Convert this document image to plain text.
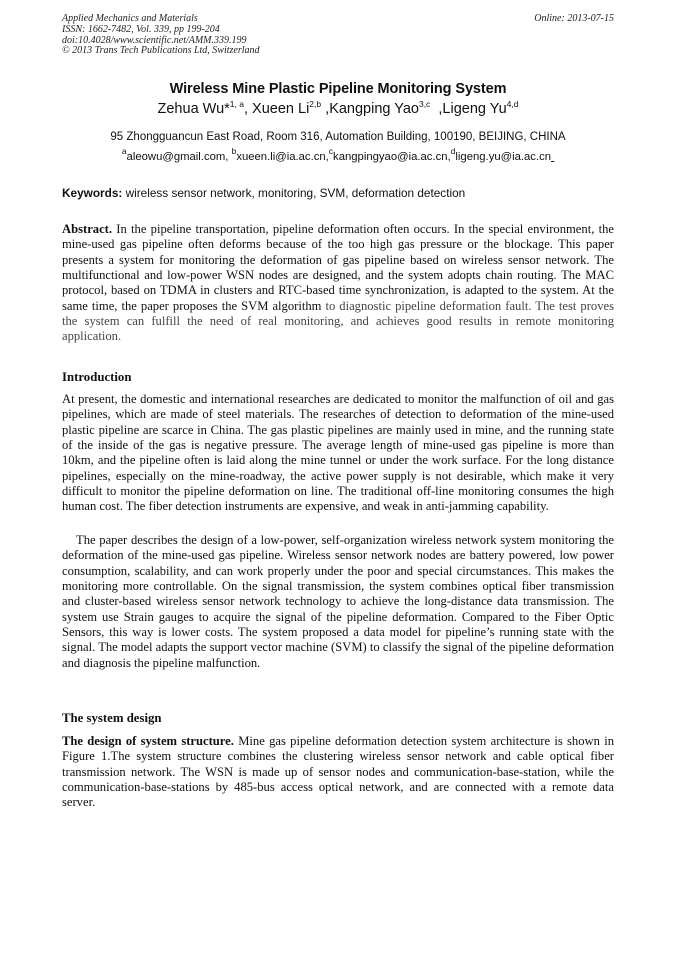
Applied Mechanics and Materials
ISSN: 1662-7482, Vol. 339, pp 199-204
doi:10.4028/www.scientific.net/AMM.339.199
© 2013 Trans Tech Publications Ltd, Switzerland
Online: 2013-07-15
Wireless Mine Plastic Pipeline Monitoring System
Zehua Wu*$^{1, a}$, Xueen Li$^{2,b}$ ,Kangping Yao$^{3,c}$  ,Ligeng Yu$^{4,d}$
95 Zhongguancun East Road, Room 316, Automation Building, 100190, BEIJING, CHINA
$^a$aleowu@gmail.com, $^b$xueen.li@ia.ac.cn,$^c$kangpingyao@ia.ac.cn,$^d$ligeng.yu@ia.ac.cn
Keywords: wireless sensor network, monitoring, SVM, deformation detection

Abstract. In the pipeline transportation, pipeline deformation often occurs. In the special environment, the mine-used gas pipeline often deforms because of the too high gas pressure or the blockage. This paper presents a system for monitoring the deformation of gas pipeline based on wireless sensor network. The multifunctional and low-power WSN nodes are designed, and the system adopts chain routing. The MAC protocol, based on TDMA in clusters and RTC-based time synchronization, is adapted to the system. At the same time, the paper proposes the SVM algorithm to diagnostic pipeline deformation fault. The test proves the system can fulfill the need of real monitoring, and achieves good results in remote monitoring application.

Introduction

At present, the domestic and international researches are dedicated to monitor the malfunction of oil and gas pipelines, which are made of steel materials. The researches of detection to deformation of the mine-used plastic pipeline are scarce in China. The gas plastic pipelines are mainly used in mine, and the running state of the inside of the gas is negative pressure. The average length of mine-used gas pipeline is more than 10km, and the pipeline often is laid along the mine tunnel or under the work surface. For the long distance pipelines, especially on the mine-roadway, the active power supply is not desirable, which make it very difficult to monitor the pipeline deformation on line. The traditional off-line monitoring consumes the high human cost. The fiber detection instruments are expensive, and weak in anti-jamming capability.

The paper describes the design of a low-power, self-organization wireless network system monitoring the deformation of the mine-used gas pipeline. Wireless sensor network nodes are battery powered, low power consumption, scalability, and can work properly under the poor and special circumstances. This makes the monitoring more controllable. On the signal transmission, the system combines optical fiber transmission and cluster-based wireless sensor network technology to achieve the long-distance data transmission. The system use Strain gauges to acquire the signal of the pipeline deformation. Compared to the Fiber Optic Sensors, this way is lower costs. The system proposed a data model for pipeline’s running state with the signal. The model adapts the support vector machine (SVM) to classify the signal of the pipeline deformation and diagnosis the pipeline malfunction.

The system design

The design of system structure. Mine gas pipeline deformation detection system architecture is shown in Figure 1.The system structure combines the clustering wireless sensor network and cable optical fiber transmission network. The WSN is made up of sensor nodes and communication-base-station, while the communication-base-stations by 485-bus access optical network, and are connected with a remote data server.
